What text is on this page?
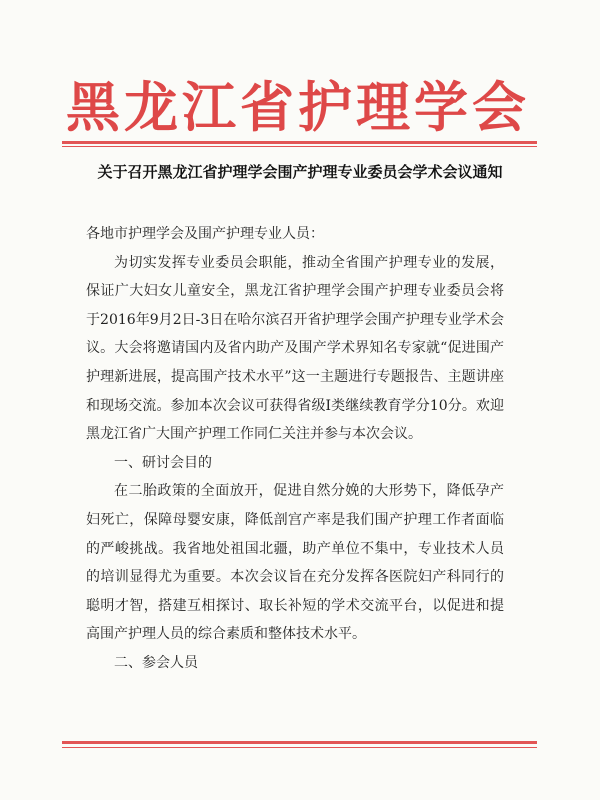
黑龙江省护理学会
关于召开黑龙江省护理学会围产护理专业委员会学术会议通知

各地市护理学会及围产护理专业人员：

为切实发挥专业委员会职能，推动全省围产护理专业的发展，保证广大妇女儿童安全，黑龙江省护理学会围产护理专业委员会将于2016年9月2日-3日在哈尔滨召开省护理学会围产护理专业学术会议。大会将邀请国内及省内助产及围产学术界知名专家就“促进围产护理新进展，提高围产技术水平”这一主题进行专题报告、主题讲座和现场交流。参加本次会议可获得省级Ⅰ类继续教育学分10分。欢迎黑龙江省广大围产护理工作同仁关注并参与本次会议。

一、研讨会目的

在二胎政策的全面放开，促进自然分娩的大形势下，降低孕产妇死亡，保障母婴安康，降低剖宫产率是我们围产护理工作者面临的严峻挑战。我省地处祖国北疆，助产单位不集中，专业技术人员的培训显得尤为重要。本次会议旨在充分发挥各医院妇产科同行的聪明才智，搭建互相探讨、取长补短的学术交流平台，以促进和提高围产护理人员的综合素质和整体技术水平。

二、参会人员
